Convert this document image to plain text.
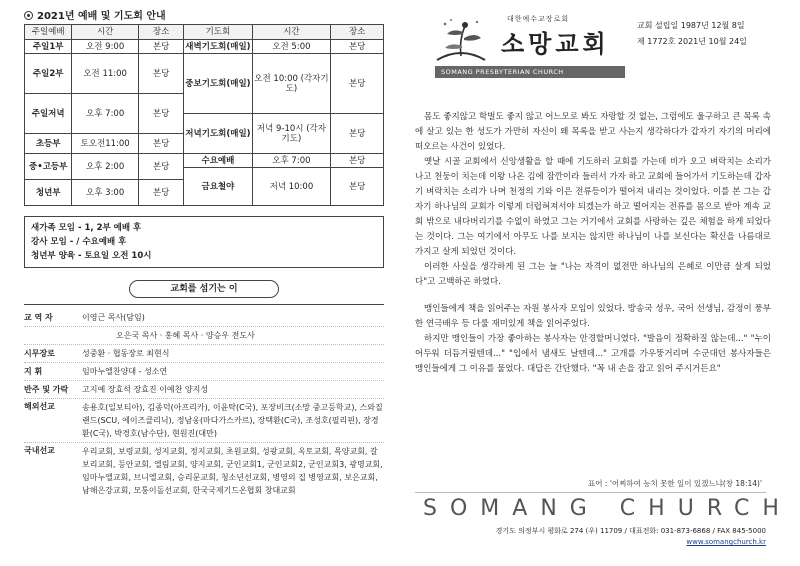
2021년 예배 및 기도회 안내
주일예배	시간	장소	기도회	시간	장소
주일1부	오전 9:00	본당	새벽기도회(매일)	오전 5:00	본당
주일2부	오전 11:00	본당	중보기도회(매일)	오전 10:00 (각자기도)	본당

주일저녁	오후 7:00	본당			
			저녁기도회(매일)	저녁 9-10시 (각자기도)	본당
초등부	토오전11:00	본당			
중•고등부	오후 2:00	본당	수요예배	오후 7:00	본당
			금요철야	저녁 10:00	본당
청년부	오후 3:00	본당			
새가족 모임 - 1, 2부 예배 후
강사 모임 - / 수요예배 후
청년부 양육 - 토요일 오전 10시
교회를 섬기는 이
교 역 자	이영근 목사(담임)
오은국 목사 · 홍혜 목사 · 양승우 전도사
시무장로	성중환 · 협동장로 최현식
지 휘	임마누엘찬양대 - 성소연
반주 및 가락	고지예 장효석 장효진 이예찬 양지성
해외선교	송용호(일보티아), 김종덕(아프리카), 이윤탁(C국), 포장비크(소망 중고등학교), 스와질랜드(SCU, 에이즈클리닉), 정남웅(마다가스카르), 장택환(C국), 조성호(필리핀), 장경환(C국), 박경호(남수단), 현원진(대만)
국내선교	우리교회, 보령교회, 성지교회, 정지교회, 초원교회, 성광교회, 옥토교회, 목양교회, 갈보리교회, 등안교회, 엘림교회, 양지교회, 군인교회1, 군인교회2, 군인교회3, 광명교회, 임마누엘교회, 브니엘교회, 승리문교회, 청소년선교회, 병영의 집 병영교회, 보은교회, 남해은강교회, 모퉁이돌선교회, 한국국제기드온협회 창대교회
대한예수교장로회
소망교회
SOMANG PRESBYTERIAN CHURCH
교회 설립일 1987년 12월 8일
제 1772호 2021년 10월 24일

몸도 좋지않고 학벌도 좋지 않고 어느모로 봐도 자랑할 것 없는, 그럼에도 울구하고 큰 목록 속에 살고 있는 한 성도가 가만히 자신이 왜 목록을 받고 사는지 생각하다가 갑자기 자기의 머리에 떠오르는 사건이 있었다.

옛날 시골 교회에서 신앙생활을 할 때에 기도하러 교회를 가는데 비가 오고 벼락치는 소리가 나고 천둥이 치는데 이왕 나온 김에 잠깐이라 들러서 가자 하고 교회에 들어가서 기도하는데 갑자기 벼락치는 소리가 나며 천정의 기와 이은 전류등이가 떨어져 내리는 것이었다. 이를 본 그는 갑자기 하나님의 교회가 이렇게 더럽혀져서야 되겠는가 하고 떨어지는 전류를 몸으로 받아 계속 교회 밖으로 내다버리기를 수없이 하였고 그는 거기에서 교회를 사랑하는 깊은 체험을 하게 되었다는 것이다. 그는 여기에서 아무도 나를 보지는 않지만 하나님이 나를 보신다는 확신을 나름대로 가지고 살게 되었던 것이다.

이러한 사실을 생각하게 된 그는 늘 "나는 자격이 없전만 하나님의 은혜로 이만큼 살게 되었다"고 고백하곤 하였다.

맹인들에게 책을 읽어주는 자원 봉사자 모임이 있었다. 방송국 성우, 국어 선생님, 감정이 풍부한 연극배우 등 다룰 재미있게 책을 읽어주었다.

하지만 맹인들이 가장 좋아하는 봉사자는 안경할머니였다. "발음이 정확하질 않는데..." "누이 어두워 더듬거릴텐데..." "입에서 냄새도 날텐데..." 고개를 가우뚱거리며 수군대던 봉사자들은 맹인들에게 그 이유를 물었다. 대답은 간단했다. "꼭 내 손을 잡고 읽어 주시거든요"

표어 : '어찌하여 능치 못한 일이 있겠느냐(창 18:14)'
SOMANG CHURCH
경기도 의정부시 평화로 274 (우) 11709 / 대표전화: 031-873-6868 / FAX 845-5000
www.somangchurch.kr
